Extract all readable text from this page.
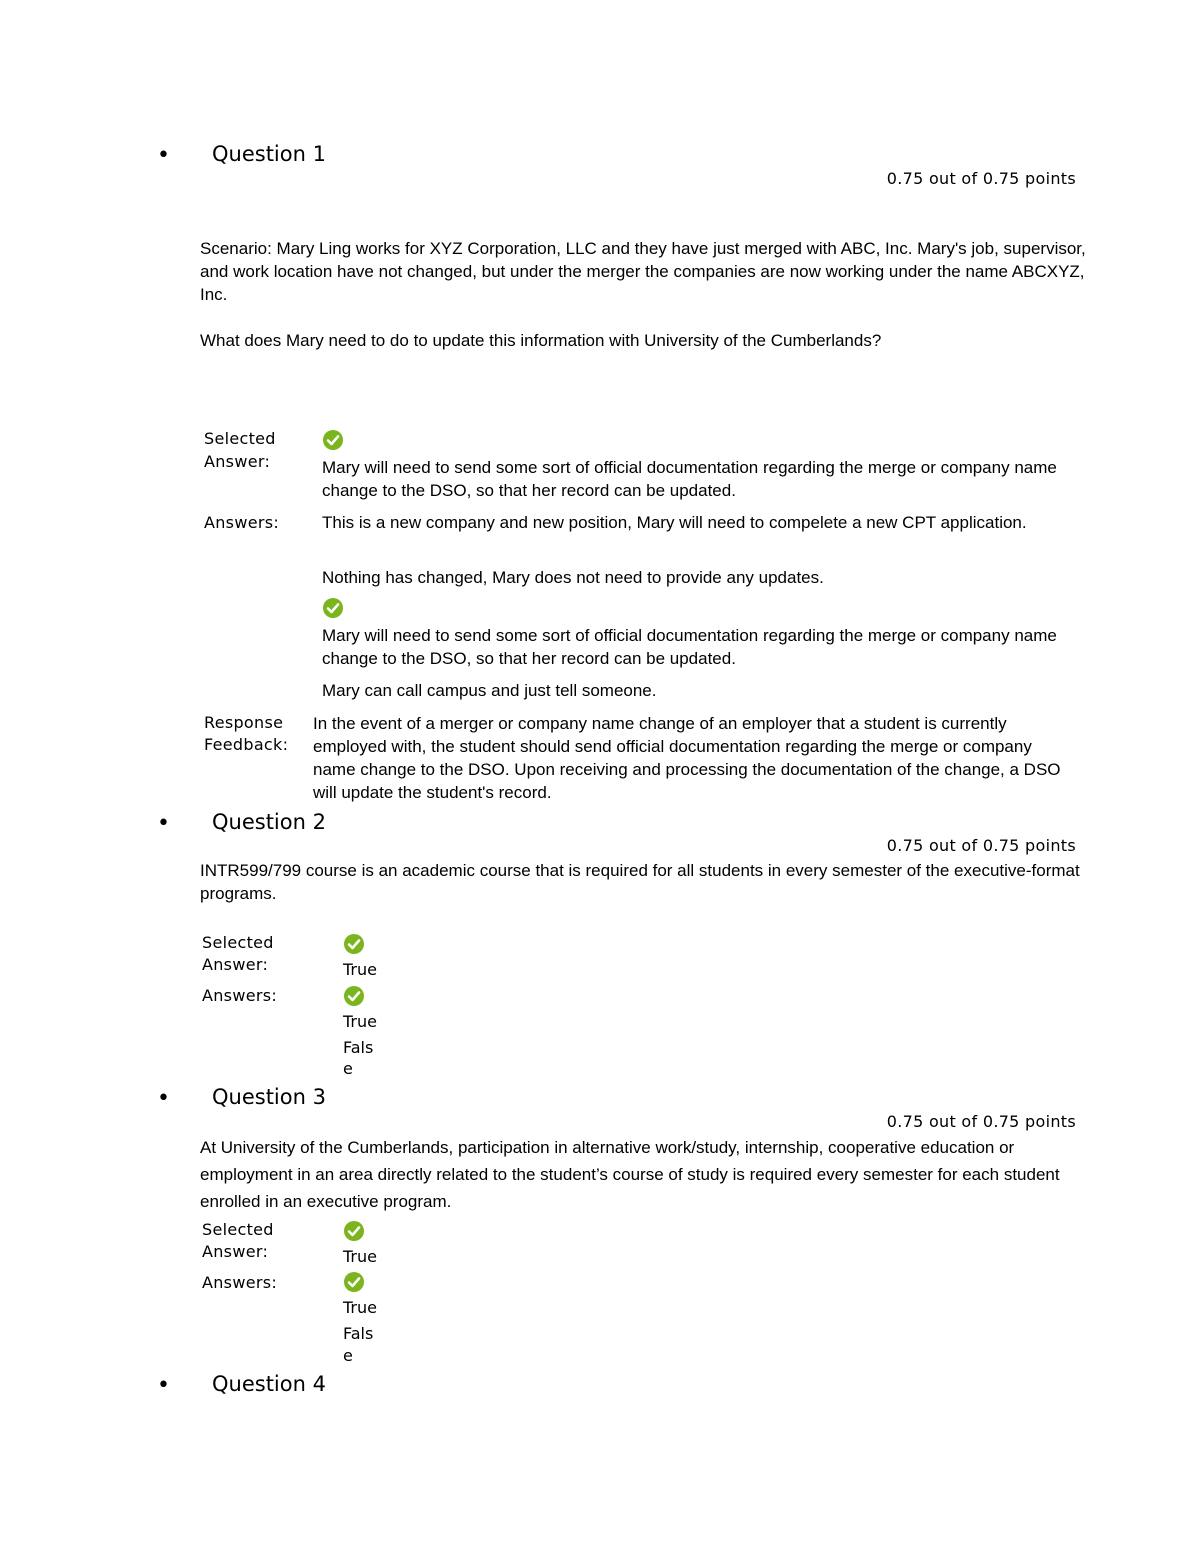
• Question 1
0.75 out of 0.75 points
Scenario: Mary Ling works for XYZ Corporation, LLC and they have just merged with ABC, Inc. Mary's job, supervisor, and work location have not changed, but under the merger the companies are now working under the name ABCXYZ, Inc.
What does Mary need to do to update this information with University of the Cumberlands?
Selected
Answer:	Mary will need to send some sort of official documentation regarding the merge or company name change to the DSO, so that her record can be updated.
Answers:	This is a new company and new position, Mary will need to compelete a new CPT application.
Nothing has changed, Mary does not need to provide any updates.
Mary will need to send some sort of official documentation regarding the merge or company name change to the DSO, so that her record can be updated.
Mary can call campus and just tell someone.
Response
Feedback:
In the event of a merger or company name change of an employer that a student is currently employed with, the student should send official documentation regarding the merge or company name change to the DSO. Upon receiving and processing the documentation of the change, a DSO will update the student's record.
• Question 2
0.75 out of 0.75 points
INTR599/799 course is an academic course that is required for all students in every semester of the executive-format programs.
Selected
Answer:	True
Answers:
True
Fals
e
• Question 3
0.75 out of 0.75 points
At University of the Cumberlands, participation in alternative work/study, internship, cooperative education or employment in an area directly related to the student’s course of study is required every semester for each student enrolled in an executive program.
Selected
Answer:	True
Answers:
True
Fals
e
• Question 4
